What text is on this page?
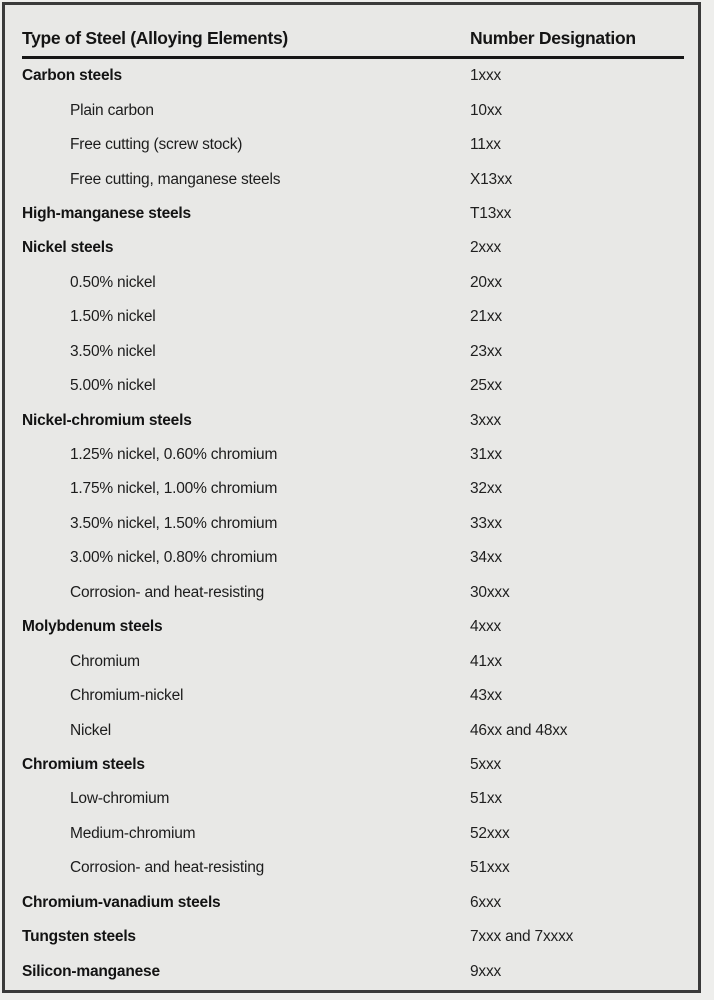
Type of Steel (Alloying Elements)	Number Designation
Carbon steels	1xxx
Plain carbon	10xx
Free cutting (screw stock)	11xx
Free cutting, manganese steels	X13xx
High-manganese steels	T13xx
Nickel steels	2xxx
0.50% nickel	20xx
1.50% nickel	21xx
3.50% nickel	23xx
5.00% nickel	25xx
Nickel-chromium steels	3xxx
1.25% nickel, 0.60% chromium	31xx
1.75% nickel, 1.00% chromium	32xx
3.50% nickel, 1.50% chromium	33xx
3.00% nickel, 0.80% chromium	34xx
Corrosion- and heat-resisting	30xxx
Molybdenum steels	4xxx
Chromium	41xx
Chromium-nickel	43xx
Nickel	46xx and 48xx
Chromium steels	5xxx
Low-chromium	51xx
Medium-chromium	52xxx
Corrosion- and heat-resisting	51xxx
Chromium-vanadium steels	6xxx
Tungsten steels	7xxx and 7xxxx
Silicon-manganese	9xxx
